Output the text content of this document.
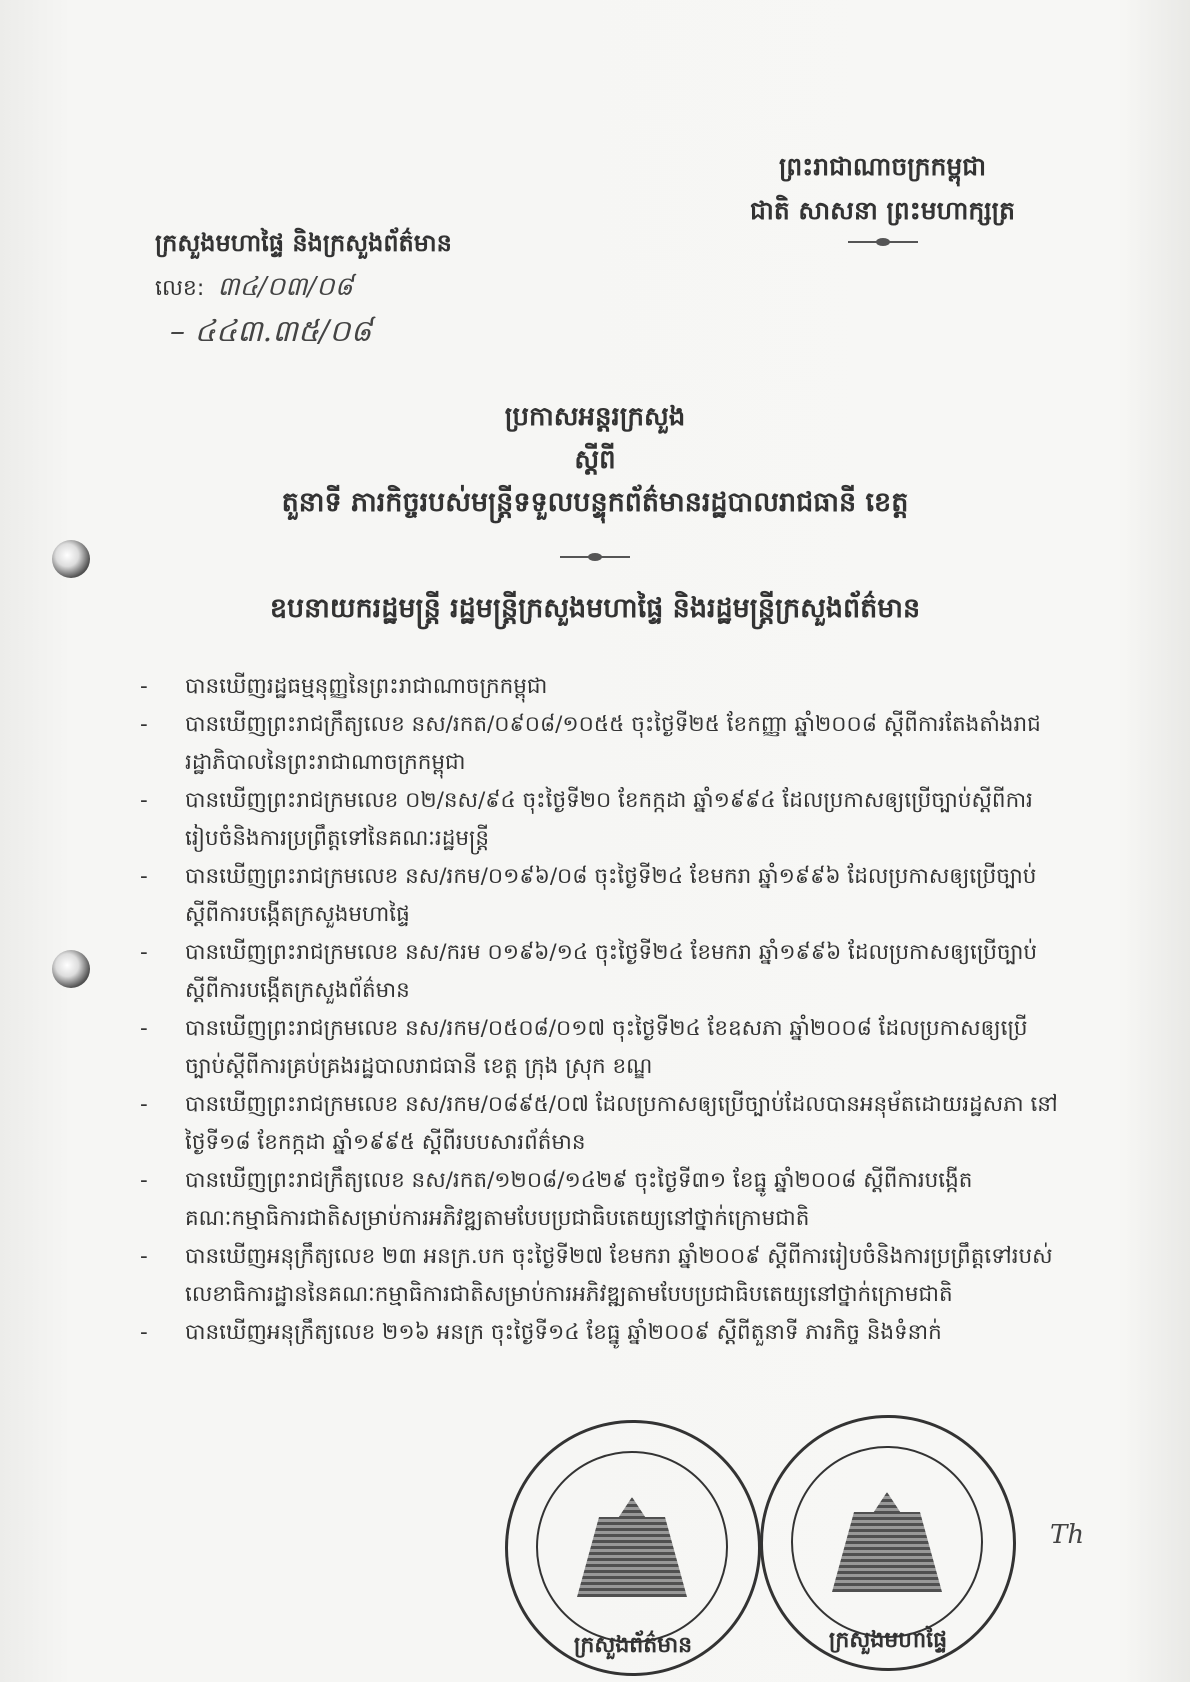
ព្រះរាជាណាចក្រកម្ពុជា
ជាតិ សាសនា ព្រះមហាក្សត្រ
ក្រសួងមហាផ្ទៃ និងក្រសួងព័ត៌មាន
លេខ: ៣៤/០៣/០៨
– ៤៤៣.៣៥/០៨
ប្រកាសអន្តរក្រសួង
ស្ដីពី
តួនាទី ភារកិច្ចរបស់មន្ត្រីទទួលបន្ទុកព័ត៌មានរដ្ឋបាលរាជធានី ខេត្ត
ឧបនាយករដ្ឋមន្ត្រី រដ្ឋមន្ត្រីក្រសួងមហាផ្ទៃ និងរដ្ឋមន្ត្រីក្រសួងព័ត៌មាន
- បានឃើញរដ្ឋធម្មនុញ្ញនៃព្រះរាជាណាចក្រកម្ពុជា
- បានឃើញព្រះរាជក្រឹត្យលេខ នស/រកត/០៩០៨/១០៥៥ ចុះថ្ងៃទី២៥ ខែកញ្ញា ឆ្នាំ២០០៨ ស្ដីពីការតែងតាំងរាជរដ្ឋាភិបាលនៃព្រះរាជាណាចក្រកម្ពុជា
- បានឃើញព្រះរាជក្រមលេខ ០២/នស/៩៤ ចុះថ្ងៃទី២០ ខែកក្កដា ឆ្នាំ១៩៩៤ ដែលប្រកាសឲ្យប្រើច្បាប់ស្ដីពីការរៀបចំនិងការប្រព្រឹត្តទៅនៃគណៈរដ្ឋមន្ត្រី
- បានឃើញព្រះរាជក្រមលេខ នស/រកម/០១៩៦/០៨ ចុះថ្ងៃទី២៤ ខែមករា ឆ្នាំ១៩៩៦ ដែលប្រកាសឲ្យប្រើច្បាប់ស្ដីពីការបង្កើតក្រសួងមហាផ្ទៃ
- បានឃើញព្រះរាជក្រមលេខ នស/ករម ០១៩៦/១៤ ចុះថ្ងៃទី២៤ ខែមករា ឆ្នាំ១៩៩៦ ដែលប្រកាសឲ្យប្រើច្បាប់ស្ដីពីការបង្កើតក្រសួងព័ត៌មាន
- បានឃើញព្រះរាជក្រមលេខ នស/រកម/០៥០៨/០១៧ ចុះថ្ងៃទី២៤ ខែឧសភា ឆ្នាំ២០០៨ ដែលប្រកាសឲ្យប្រើច្បាប់ស្ដីពីការគ្រប់គ្រងរដ្ឋបាលរាជធានី ខេត្ត ក្រុង ស្រុក ខណ្ឌ
- បានឃើញព្រះរាជក្រមលេខ នស/រកម/០៨៩៥/០៧ ដែលប្រកាសឲ្យប្រើច្បាប់ដែលបានអនុម័តដោយរដ្ឋសភា នៅថ្ងៃទី១៨ ខែកក្កដា ឆ្នាំ១៩៩៥ ស្ដីពីរបបសារព័ត៌មាន
- បានឃើញព្រះរាជក្រឹត្យលេខ នស/រកត/១២០៨/១៤២៩ ចុះថ្ងៃទី៣១ ខែធ្នូ ឆ្នាំ២០០៨ ស្ដីពីការបង្កើតគណៈកម្មាធិការជាតិសម្រាប់ការអភិវឌ្ឍតាមបែបប្រជាធិបតេយ្យនៅថ្នាក់ក្រោមជាតិ
- បានឃើញអនុក្រឹត្យលេខ ២៣ អនក្រ.បក ចុះថ្ងៃទី២៧ ខែមករា ឆ្នាំ២០០៩ ស្ដីពីការរៀបចំនិងការប្រព្រឹត្តទៅរបស់លេខាធិការដ្ឋាននៃគណៈកម្មាធិការជាតិសម្រាប់ការអភិវឌ្ឍតាមបែបប្រជាធិបតេយ្យនៅថ្នាក់ក្រោមជាតិ
- បានឃើញអនុក្រឹត្យលេខ ២១៦ អនក្រ ចុះថ្ងៃទី១៤ ខែធ្នូ ឆ្នាំ២០០៩ ស្ដីពីតួនាទី ភារកិច្ច និងទំនាក់
ក្រសួងព័ត៌មាន	ក្រសួងមហាផ្ទៃ
Th
